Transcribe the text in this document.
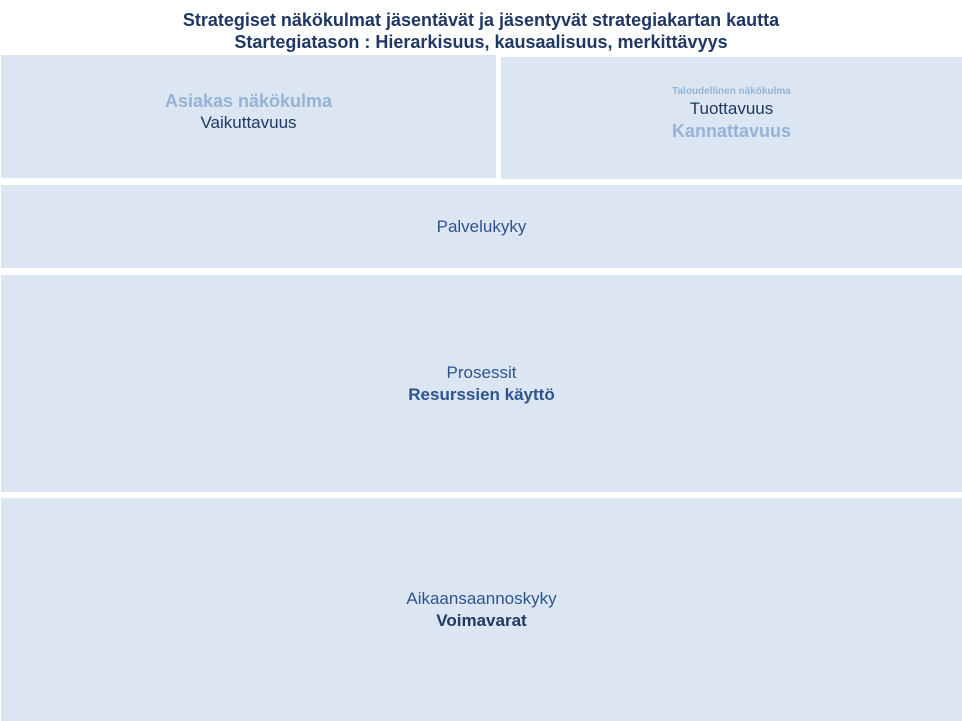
Strategiset näkökulmat jäsentävät ja jäsentyvät strategiakartan kautta
Startegiatason : Hierarkisuus, kausaalisuus, merkittävyys
Asiakas näkökulma
Vaikuttavuus
Taloudellinen näkökulma
Tuottavuus
Kannattavuus
Palvelukyky
Prosessit
Resurssien käyttö
Aikaansaannoskyky
Voimavarat
